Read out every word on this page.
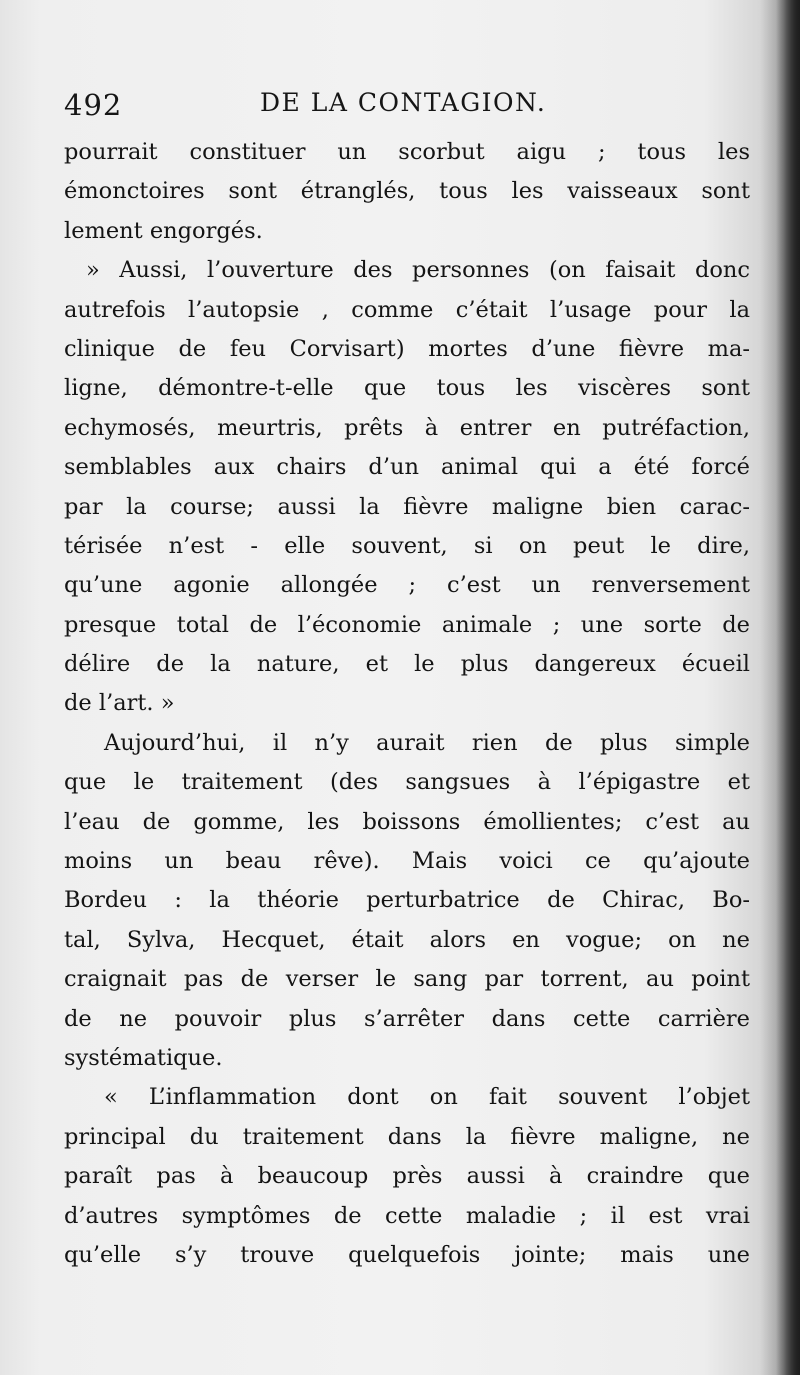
492	DE LA CONTAGION.
pourrait constituer un scorbut aigu ; tous les
émonctoires sont étranglés, tous les vaisseaux sont
lement engorgés.
» Aussi, l’ouverture des personnes (on faisait donc
autrefois l’autopsie , comme c’était l’usage pour la
clinique de feu Corvisart) mortes d’une fièvre ma-
ligne, démontre-t-elle que tous les viscères sont
echymosés, meurtris, prêts à entrer en putréfaction,
semblables aux chairs d’un animal qui a été forcé
par la course; aussi la fièvre maligne bien carac-
térisée n’est - elle souvent, si on peut le dire,
qu’une agonie allongée ; c’est un renversement
presque total de l’économie animale ; une sorte de
délire de la nature, et le plus dangereux écueil
de l’art. »
Aujourd’hui, il n’y aurait rien de plus simple
que le traitement (des sangsues à l’épigastre et
l’eau de gomme, les boissons émollientes; c’est au
moins un beau rêve). Mais voici ce qu’ajoute
Bordeu : la théorie perturbatrice de Chirac, Bo-
tal, Sylva, Hecquet, était alors en vogue; on ne
craignait pas de verser le sang par torrent, au point
de ne pouvoir plus s’arrêter dans cette carrière
systématique.
« L’inflammation dont on fait souvent l’objet
principal du traitement dans la fièvre maligne, ne
paraît pas à beaucoup près aussi à craindre que
d’autres symptômes de cette maladie ; il est vrai
qu’elle s’y trouve quelquefois jointe; mais une
